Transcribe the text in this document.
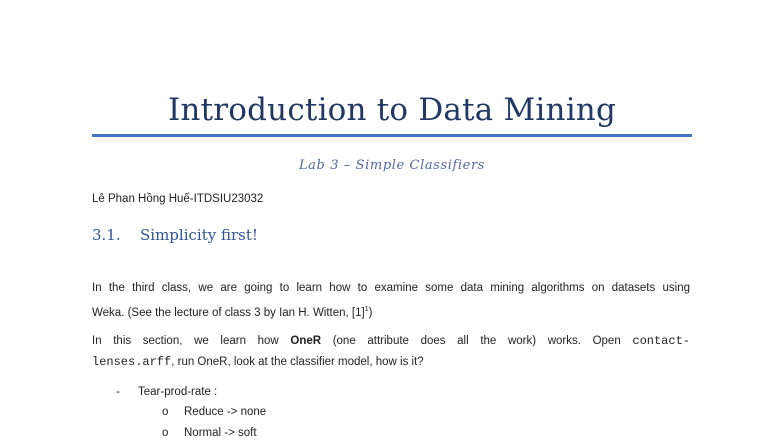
Introduction to Data Mining
Lab 3 – Simple Classifiers
Lê Phan Hồng Huế-ITDSIU23032
3.1. Simplicity first!
In the third class, we are going to learn how to examine some data mining algorithms on datasets using
Weka. (See the lecture of class 3 by Ian H. Witten, $[1]^1$)
In this section, we learn how OneR (one attribute does all the work) works. Open contact-
lenses.arff, run OneR, look at the classifier model, how is it?
- Tear-prod-rate :
o Reduce -> none
o Normal -> soft
